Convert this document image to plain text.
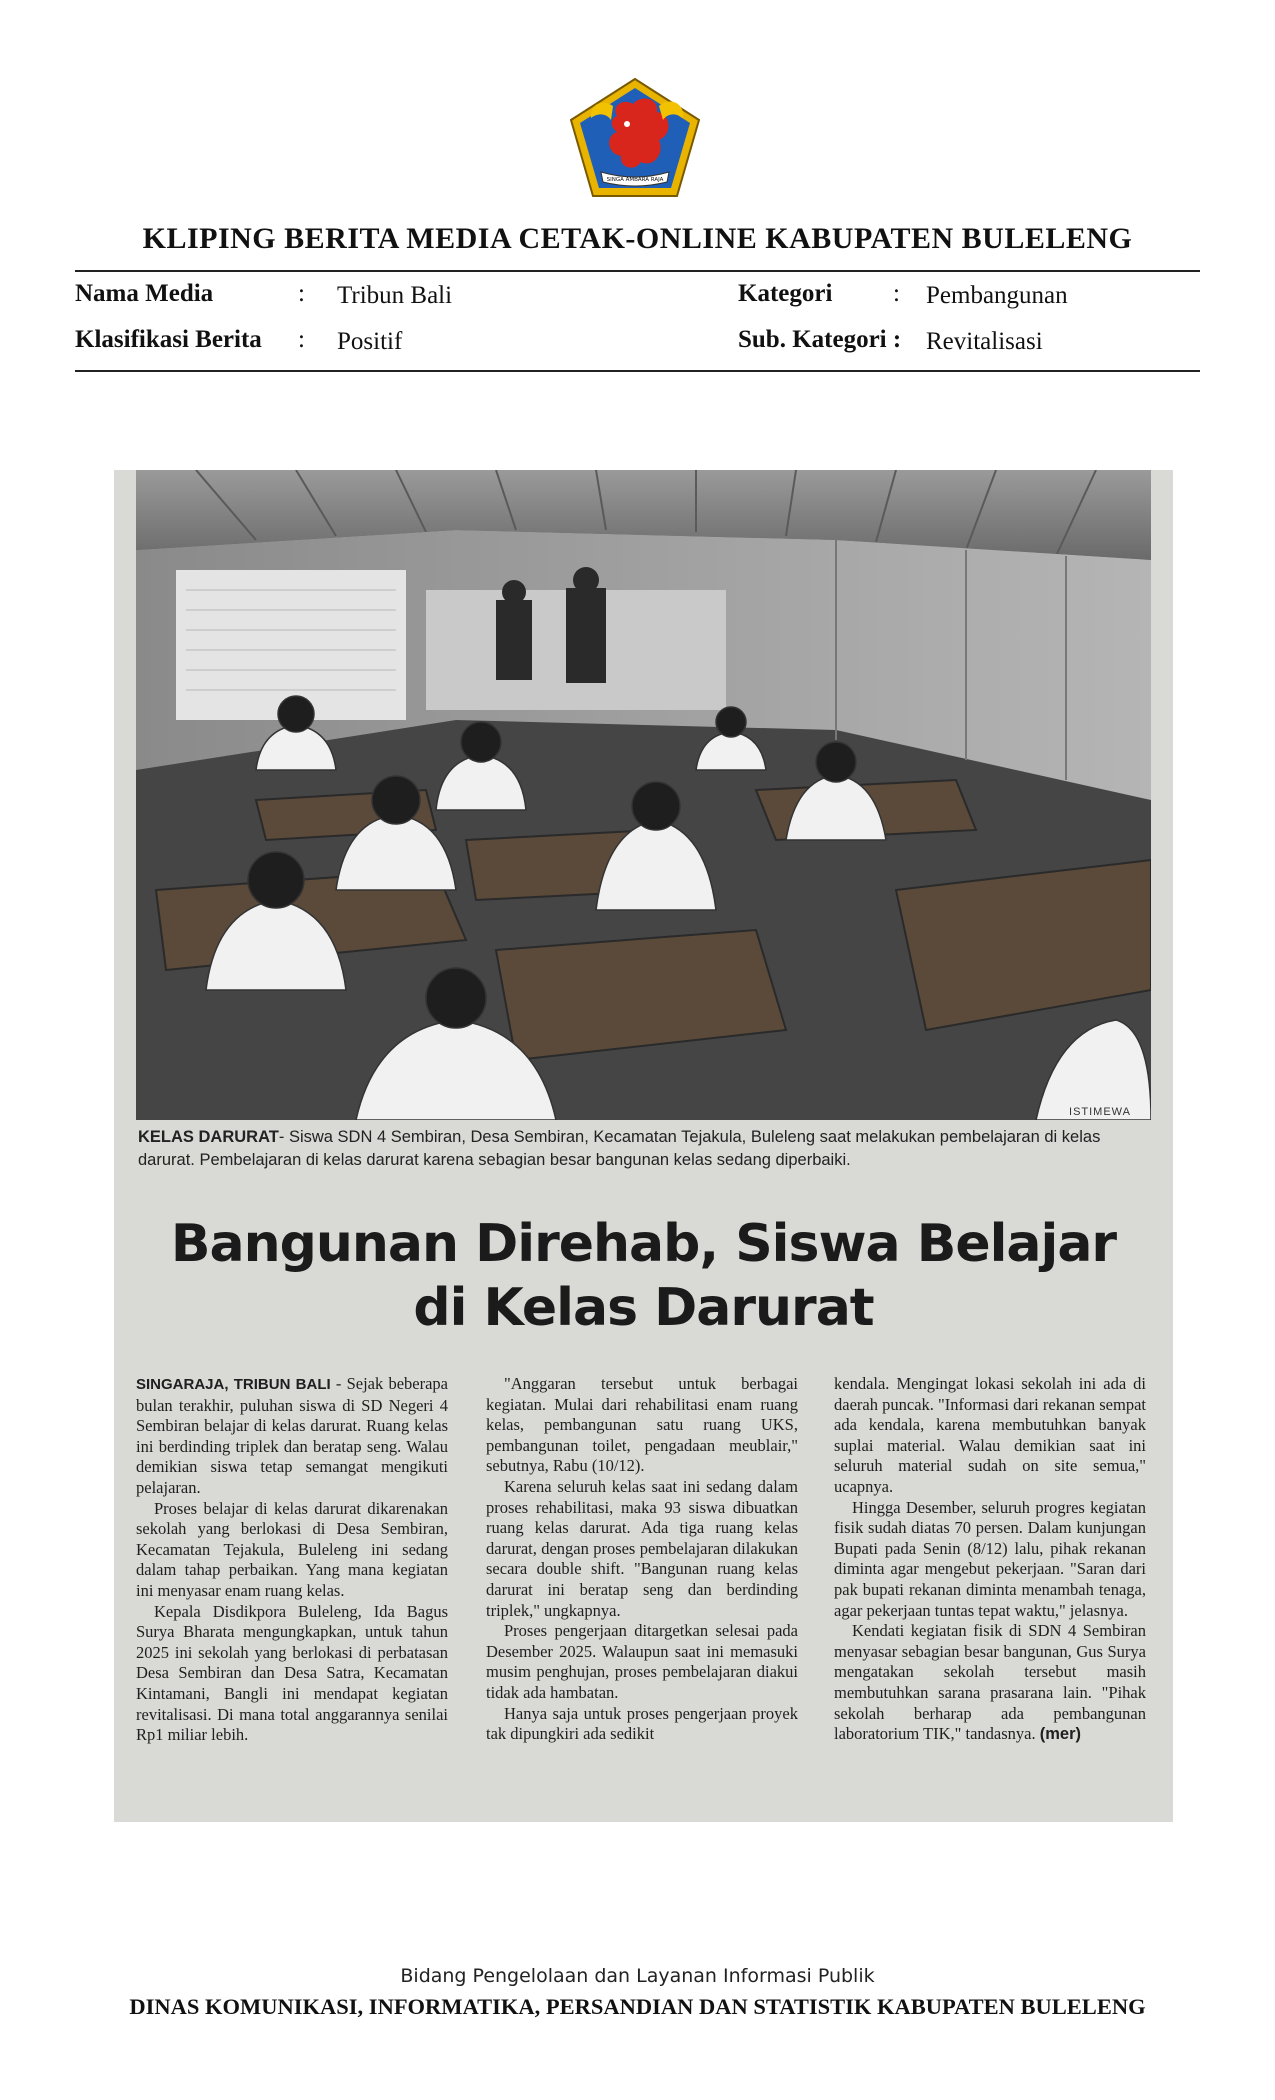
SINGA AMBARA RAJA
KLIPING BERITA MEDIA CETAK-ONLINE KABUPATEN BULELENG
Nama Media	: Tribun Bali
Klasifikasi Berita : Positif
Kategori : Pembangunan
Sub. Kategori : Revitalisasi
ISTIMEWA
KELAS DARURAT- Siswa SDN 4 Sembiran, Desa Sembiran, Kecamatan Tejakula, Buleleng saat melakukan pembelajaran di kelas darurat. Pembelajaran di kelas darurat karena sebagian besar bangunan kelas sedang diperbaiki.
Bangunan Direhab, Siswa Belajar
di Kelas Darurat

SINGARAJA, TRIBUN BALI - Sejak beberapa bulan terakhir, puluhan siswa di SD Negeri 4 Sembiran belajar di kelas darurat. Ruang kelas ini berdinding triplek dan beratap seng. Walau demikian siswa tetap semangat mengikuti pelajaran.

Proses belajar di kelas darurat dikarenakan sekolah yang berlokasi di Desa Sembiran, Kecamatan Tejakula, Buleleng ini sedang dalam tahap perbaikan. Yang mana kegiatan ini menyasar enam ruang kelas.

Kepala Disdikpora Buleleng, Ida Bagus Surya Bharata mengungkapkan, untuk tahun 2025 ini sekolah yang berlokasi di perbatasan Desa Sembiran dan Desa Satra, Kecamatan Kintamani, Bangli ini mendapat kegiatan revitalisasi. Di mana total anggarannya senilai Rp1 miliar lebih.

"Anggaran tersebut untuk berbagai kegiatan. Mulai dari rehabilitasi enam ruang kelas, pembangunan satu ruang UKS, pembangunan toilet, pengadaan meublair," sebutnya, Rabu (10/12).

Karena seluruh kelas saat ini sedang dalam proses rehabilitasi, maka 93 siswa dibuatkan ruang kelas darurat. Ada tiga ruang kelas darurat, dengan proses pembelajaran dilakukan secara double shift. "Bangunan ruang kelas darurat ini beratap seng dan berdinding triplek," ungkapnya.

Proses pengerjaan ditargetkan selesai pada Desember 2025. Walaupun saat ini memasuki musim penghujan, proses pembelajaran diakui tidak ada hambatan.

Hanya saja untuk proses pengerjaan proyek tak dipungkiri ada sedikit

kendala. Mengingat lokasi sekolah ini ada di daerah puncak. "Informasi dari rekanan sempat ada kendala, karena membutuhkan banyak suplai material. Walau demikian saat ini seluruh material sudah on site semua," ucapnya.

Hingga Desember, seluruh progres kegiatan fisik sudah diatas 70 persen. Dalam kunjungan Bupati pada Senin (8/12) lalu, pihak rekanan diminta agar mengebut pekerjaan. "Saran dari pak bupati rekanan diminta menambah tenaga, agar pekerjaan tuntas tepat waktu," jelasnya.

Kendati kegiatan fisik di SDN 4 Sembiran menyasar sebagian besar bangunan, Gus Surya mengatakan sekolah tersebut masih membutuhkan sarana prasarana lain. "Pihak sekolah berharap ada pembangunan laboratorium TIK," tandasnya. (mer)

Bidang Pengelolaan dan Layanan Informasi Publik
DINAS KOMUNIKASI, INFORMATIKA, PERSANDIAN DAN STATISTIK KABUPATEN BULELENG
